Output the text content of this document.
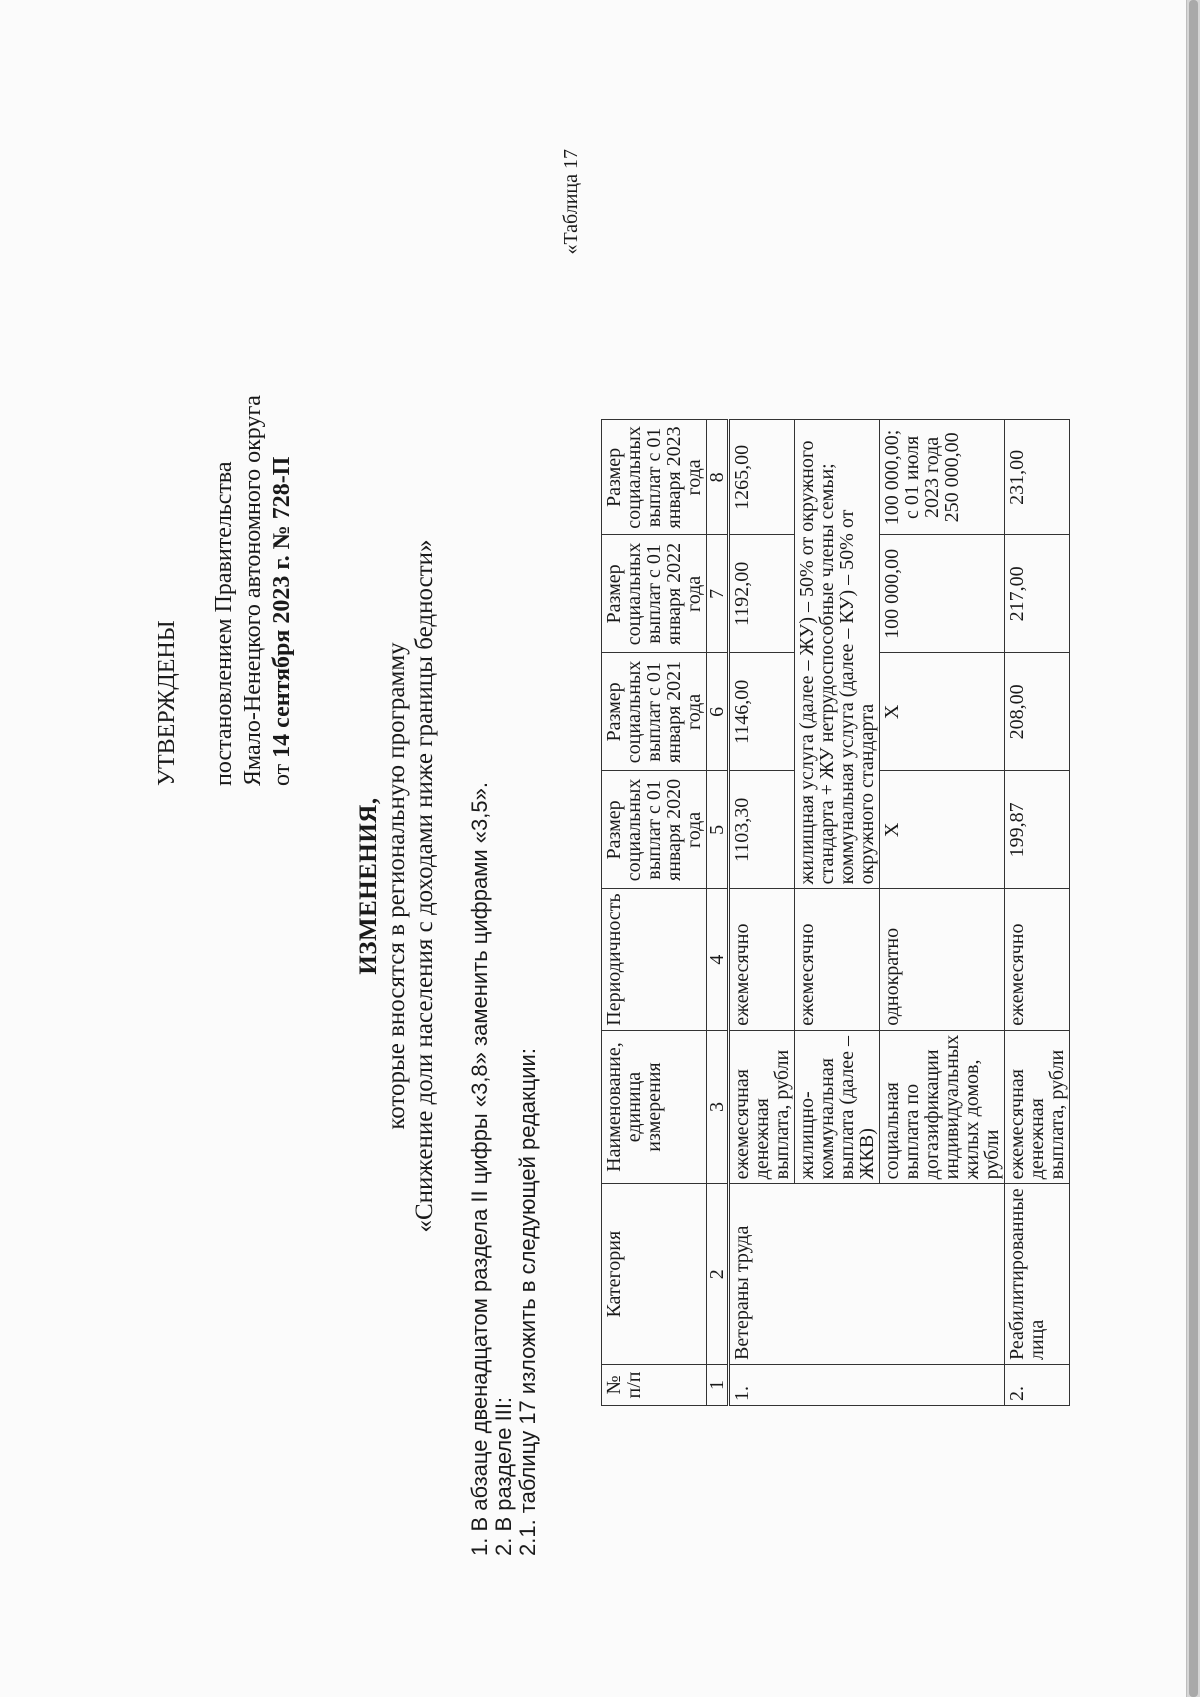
УТВЕРЖДЕНЫ постановлением Правительства Ямало-Ненецкого автономного округа от 14 сентября 2023 г. № 728-П
ИЗМЕНЕНИЯ, которые вносятся в региональную программу «Снижение доли населения с доходами ниже границы бедности» 1. В абзаце двенадцатом раздела II цифры «3,8» заменить цифрами «3,5». 2. В разделе III: 2.1. таблицу 17 изложить в следующей редакции:
«Таблица 17
№ п/п	Категория	Наименование, единица измерения	Периодичность	Размер социальных выплат с 01 января 2020 года	Размер социальных выплат с 01 января 2021 года	Размер социальных выплат с 01 января 2022 года	Размер социальных выплат с 01 января 2023 года
1	2	3	4	5	6	7	8
1.	Ветераны труда	ежемесячная денежная выплата, рубли	ежемесячно	1103,30	1146,00	1192,00	1265,00
		жилищно-коммунальная выплата (далее – ЖКВ)	ежемесячно	жилищная услуга (далее – ЖУ) – 50% от окружного стандарта + ЖУ нетрудоспособные члены семьи; коммунальная услуга (далее – КУ) – 50% от окружного стандарта			
		социальная выплата по догазификации индивидуальных жилых домов, рубли	однократно	X	X	100 000,00	100 000,00; с 01 июля 2023 года 250 000,00
2.	Реабилитированные лица	ежемесячная денежная выплата, рубли	ежемесячно	199,87	208,00	217,00	231,00
